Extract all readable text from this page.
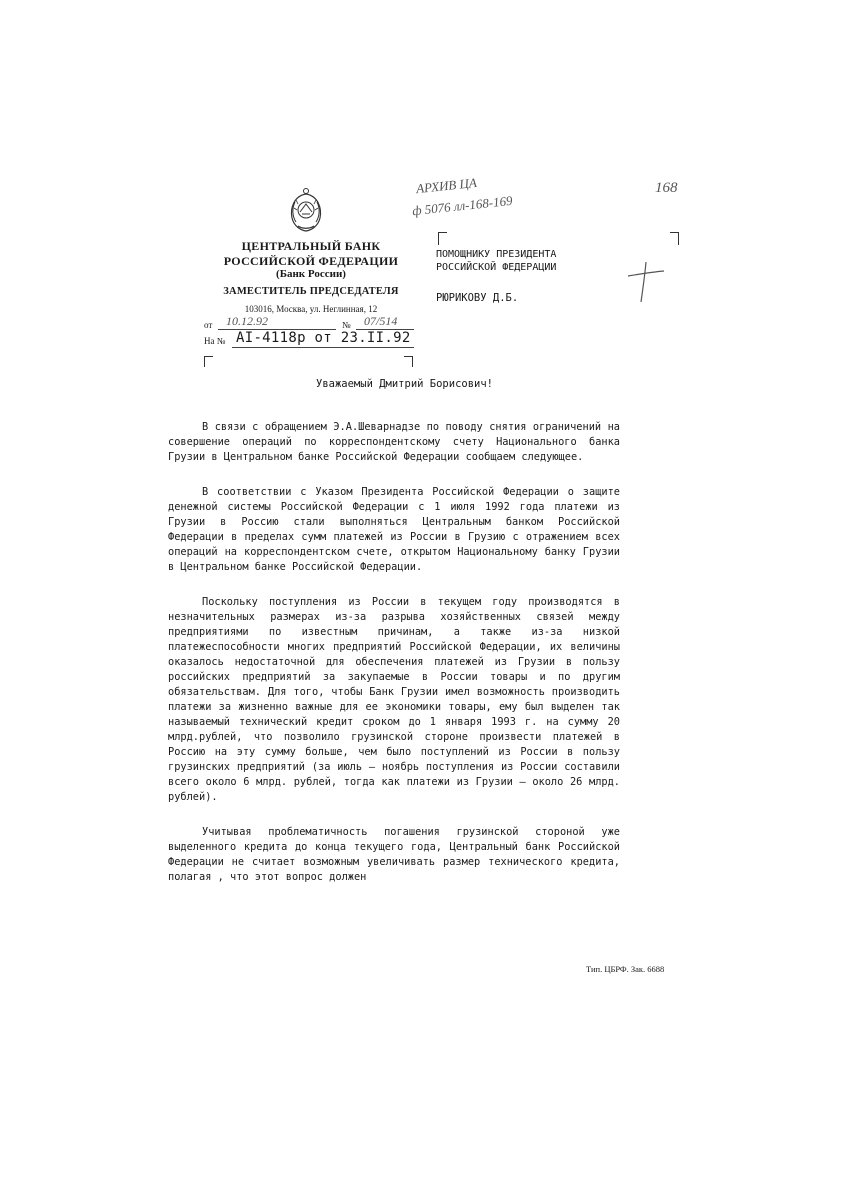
АРХИВ ЦА
ф 5076 лл-168-169
168
ЦЕНТРАЛЬНЫЙ БАНК
РОССИЙСКОЙ ФЕДЕРАЦИИ
(Банк России)
ЗАМЕСТИТЕЛЬ ПРЕДСЕДАТЕЛЯ
103016, Москва, ул. Неглинная, 12
от 10.12.92	№ 07/514
На № АI-4118р от 23.II.92
ПОМОЩНИКУ ПРЕЗИДЕНТА
РОССИЙСКОЙ ФЕДЕРАЦИИ
РЮРИКОВУ Д.Б.
Уважаемый Дмитрий Борисович!

В связи с обращением Э.А.Шеварнадзе по поводу снятия ограничений на совершение операций по корреспондентскому счету Национального банка Грузии в Центральном банке Российской Федерации сообщаем следующее.

В соответствии с Указом Президента Российской Федерации о защите денежной системы Российской Федерации с 1 июля 1992 года платежи из Грузии в Россию стали выполняться Центральным банком Российской Федерации в пределах сумм платежей из России в Грузию с отражением всех операций на корреспондентском счете, открытом Национальному банку Грузии в Центральном банке Российской Федерации.

Поскольку поступления из России в текущем году производятся в незначительных размерах из-за разрыва хозяйственных связей между предприятиями по известным причинам, а также из-за низкой платежеспособности многих предприятий Российской Федерации, их величины оказалось недостаточной для обеспечения платежей из Грузии в пользу российских предприятий за закупаемые в России товары и по другим обязательствам. Для того, чтобы Банк Грузии имел возможность производить платежи за жизненно важные для ее экономики товары, ему был выделен так называемый технический кредит сроком до 1 января 1993 г. на сумму 20 млрд.рублей, что позволило грузинской стороне произвести платежей в Россию на эту сумму больше, чем было поступлений из России в пользу грузинских предприятий (за июль – ноябрь поступления из России составили всего около 6 млрд. рублей, тогда как платежи из Грузии – около 26 млрд. рублей).

Учитывая проблематичность погашения грузинской стороной уже выделенного кредита до конца текущего года, Центральный банк Российской Федерации не считает возможным увеличивать размер технического кредита, полагая , что этот вопрос должен

Тип. ЦБРФ. Зак. 6688
